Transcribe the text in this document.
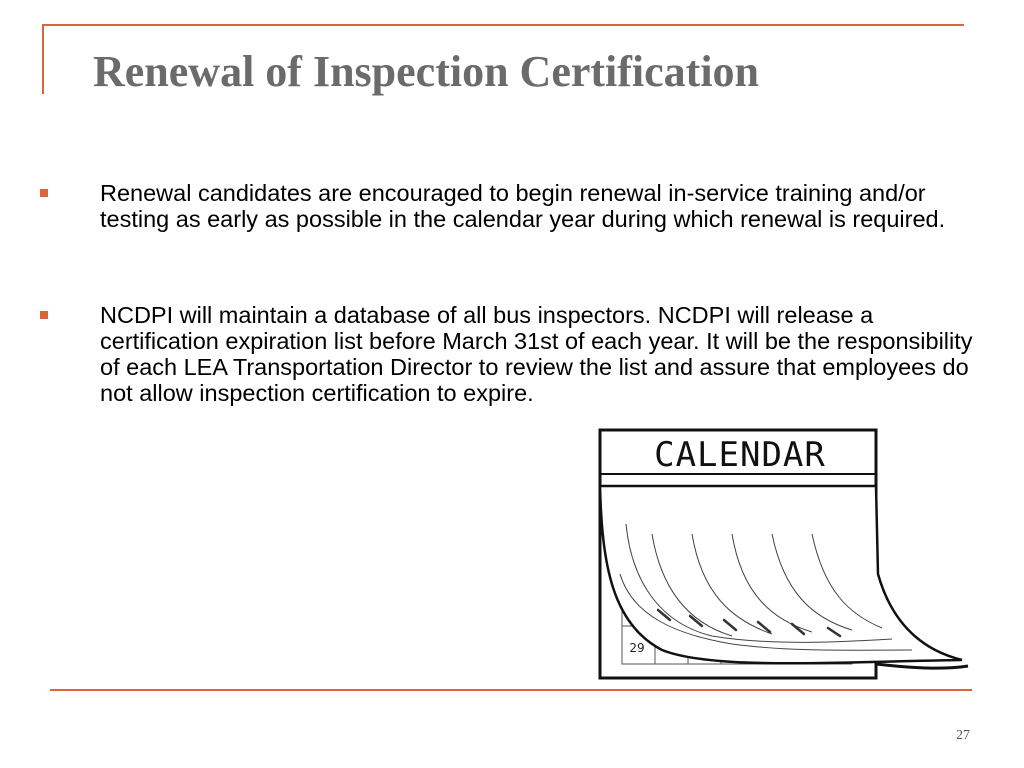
Renewal of Inspection Certification
Renewal candidates are encouraged to begin renewal in-service training and/or testing as early as possible in the calendar year during which renewal is required.
NCDPI will maintain a database of all bus inspectors. NCDPI will release a certification expiration list before March 31st of each year. It will be the responsibility of each LEA Transportation Director to review the list and assure that employees do not allow inspection certification to expire.
CALENDAR
29
27
